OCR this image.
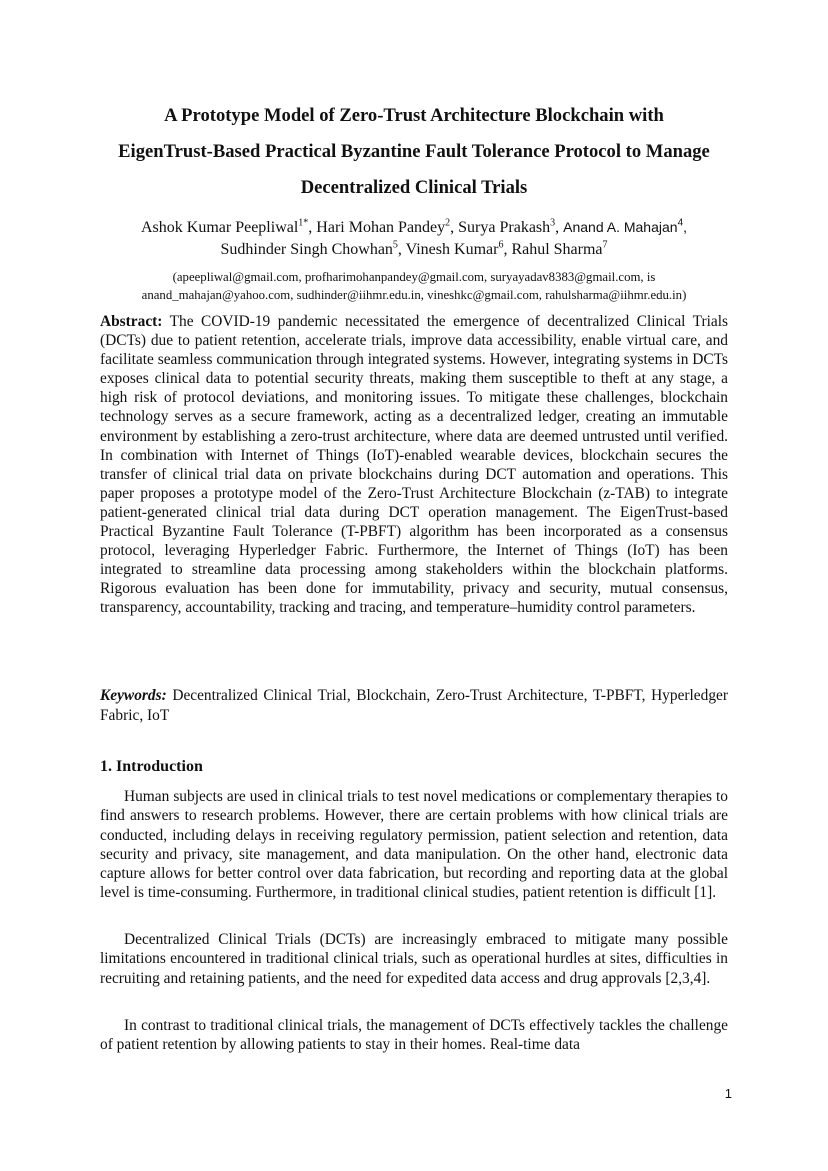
A Prototype Model of Zero-Trust Architecture Blockchain with
EigenTrust-Based Practical Byzantine Fault Tolerance Protocol to Manage
Decentralized Clinical Trials
Ashok Kumar Peepliwal$^{1*}$, Hari Mohan Pandey$^2$, Surya Prakash$^3$, Anand A. Mahajan$^4$,
Sudhinder Singh Chowhan$^5$, Vinesh Kumar$^6$, Rahul Sharma$^7$
(apeepliwal@gmail.com, profharimohanpandey@gmail.com, suryayadav8383@gmail.com, is
anand_mahajan@yahoo.com, sudhinder@iihmr.edu.in, vineshkc@gmail.com, rahulsharma@iihmr.edu.in)
Abstract: The COVID-19 pandemic necessitated the emergence of decentralized Clinical Trials (DCTs) due to patient retention, accelerate trials, improve data accessibility, enable virtual care, and facilitate seamless communication through integrated systems. However, integrating systems in DCTs exposes clinical data to potential security threats, making them susceptible to theft at any stage, a high risk of protocol deviations, and monitoring issues. To mitigate these challenges, blockchain technology serves as a secure framework, acting as a decentralized ledger, creating an immutable environment by establishing a zero-trust architecture, where data are deemed untrusted until verified. In combination with Internet of Things (IoT)-enabled wearable devices, blockchain secures the transfer of clinical trial data on private blockchains during DCT automation and operations. This paper proposes a prototype model of the Zero-Trust Architecture Blockchain (z-TAB) to integrate patient-generated clinical trial data during DCT operation management. The EigenTrust-based Practical Byzantine Fault Tolerance (T-PBFT) algorithm has been incorporated as a consensus protocol, leveraging Hyperledger Fabric. Furthermore, the Internet of Things (IoT) has been integrated to streamline data processing among stakeholders within the blockchain platforms. Rigorous evaluation has been done for immutability, privacy and security, mutual consensus, transparency, accountability, tracking and tracing, and temperature–humidity control parameters.
Keywords: Decentralized Clinical Trial, Blockchain, Zero-Trust Architecture, T-PBFT, Hyperledger Fabric, IoT
1. Introduction

Human subjects are used in clinical trials to test novel medications or complementary therapies to find answers to research problems. However, there are certain problems with how clinical trials are conducted, including delays in receiving regulatory permission, patient selection and retention, data security and privacy, site management, and data manipulation. On the other hand, electronic data capture allows for better control over data fabrication, but recording and reporting data at the global level is time-consuming. Furthermore, in traditional clinical studies, patient retention is difficult [1].

Decentralized Clinical Trials (DCTs) are increasingly embraced to mitigate many possible limitations encountered in traditional clinical trials, such as operational hurdles at sites, difficulties in recruiting and retaining patients, and the need for expedited data access and drug approvals [2,3,4].

In contrast to traditional clinical trials, the management of DCTs effectively tackles the challenge of patient retention by allowing patients to stay in their homes. Real-time data

1
